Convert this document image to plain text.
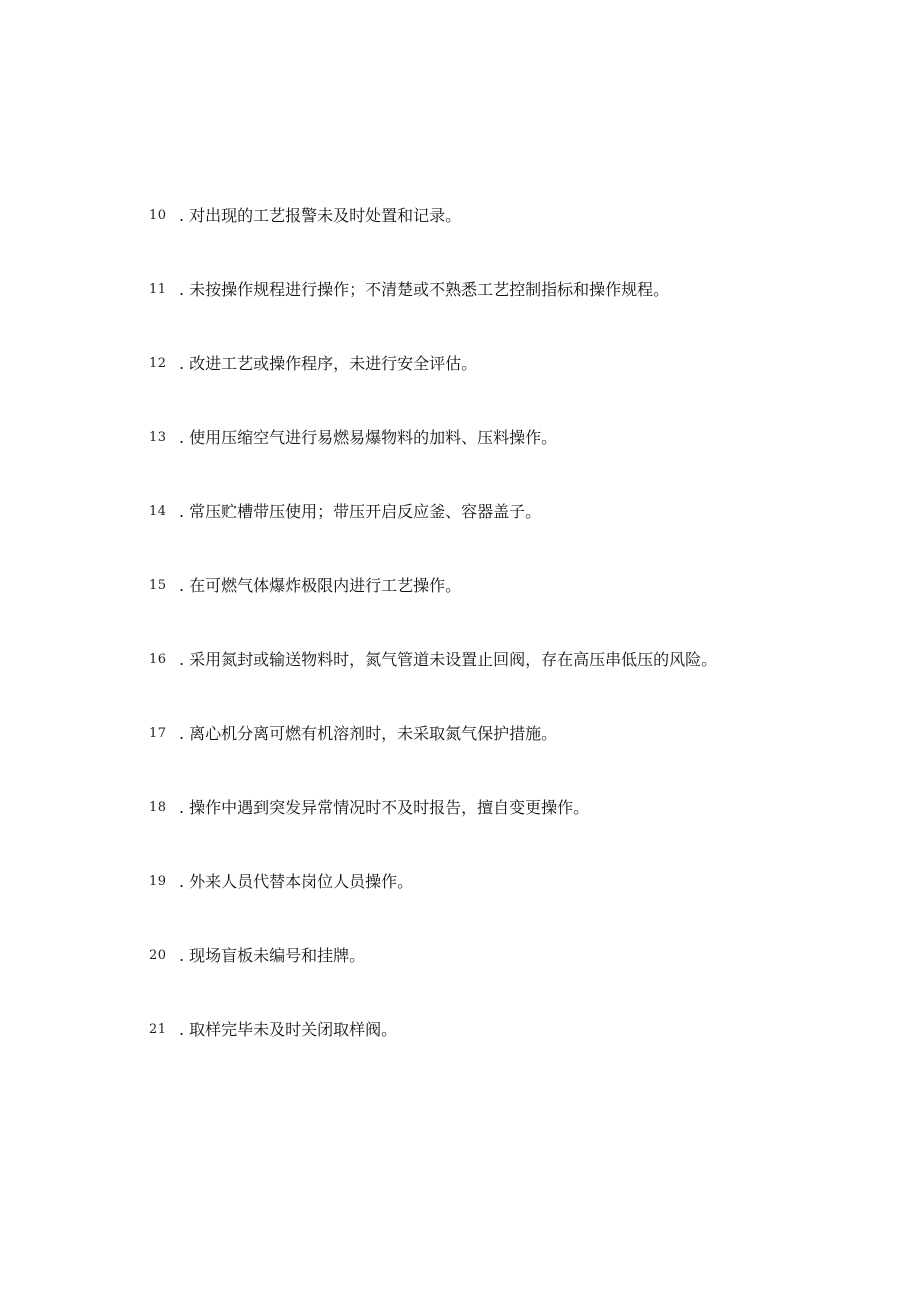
10 . 对出现的工艺报警未及时处置和记录。
11 . 未按操作规程进行操作；不清楚或不熟悉工艺控制指标和操作规程。
12 . 改进工艺或操作程序，未进行安全评估。
13 . 使用压缩空气进行易燃易爆物料的加料、压料操作。
14 . 常压贮槽带压使用；带压开启反应釜、容器盖子。
15 . 在可燃气体爆炸极限内进行工艺操作。
16 . 采用氮封或输送物料时，氮气管道未设置止回阀，存在高压串低压的风险。
17 . 离心机分离可燃有机溶剂时，未采取氮气保护措施。
18 . 操作中遇到突发异常情况时不及时报告，擅自变更操作。
19 . 外来人员代替本岗位人员操作。
20 . 现场盲板未编号和挂牌。
21 . 取样完毕未及时关闭取样阀。
